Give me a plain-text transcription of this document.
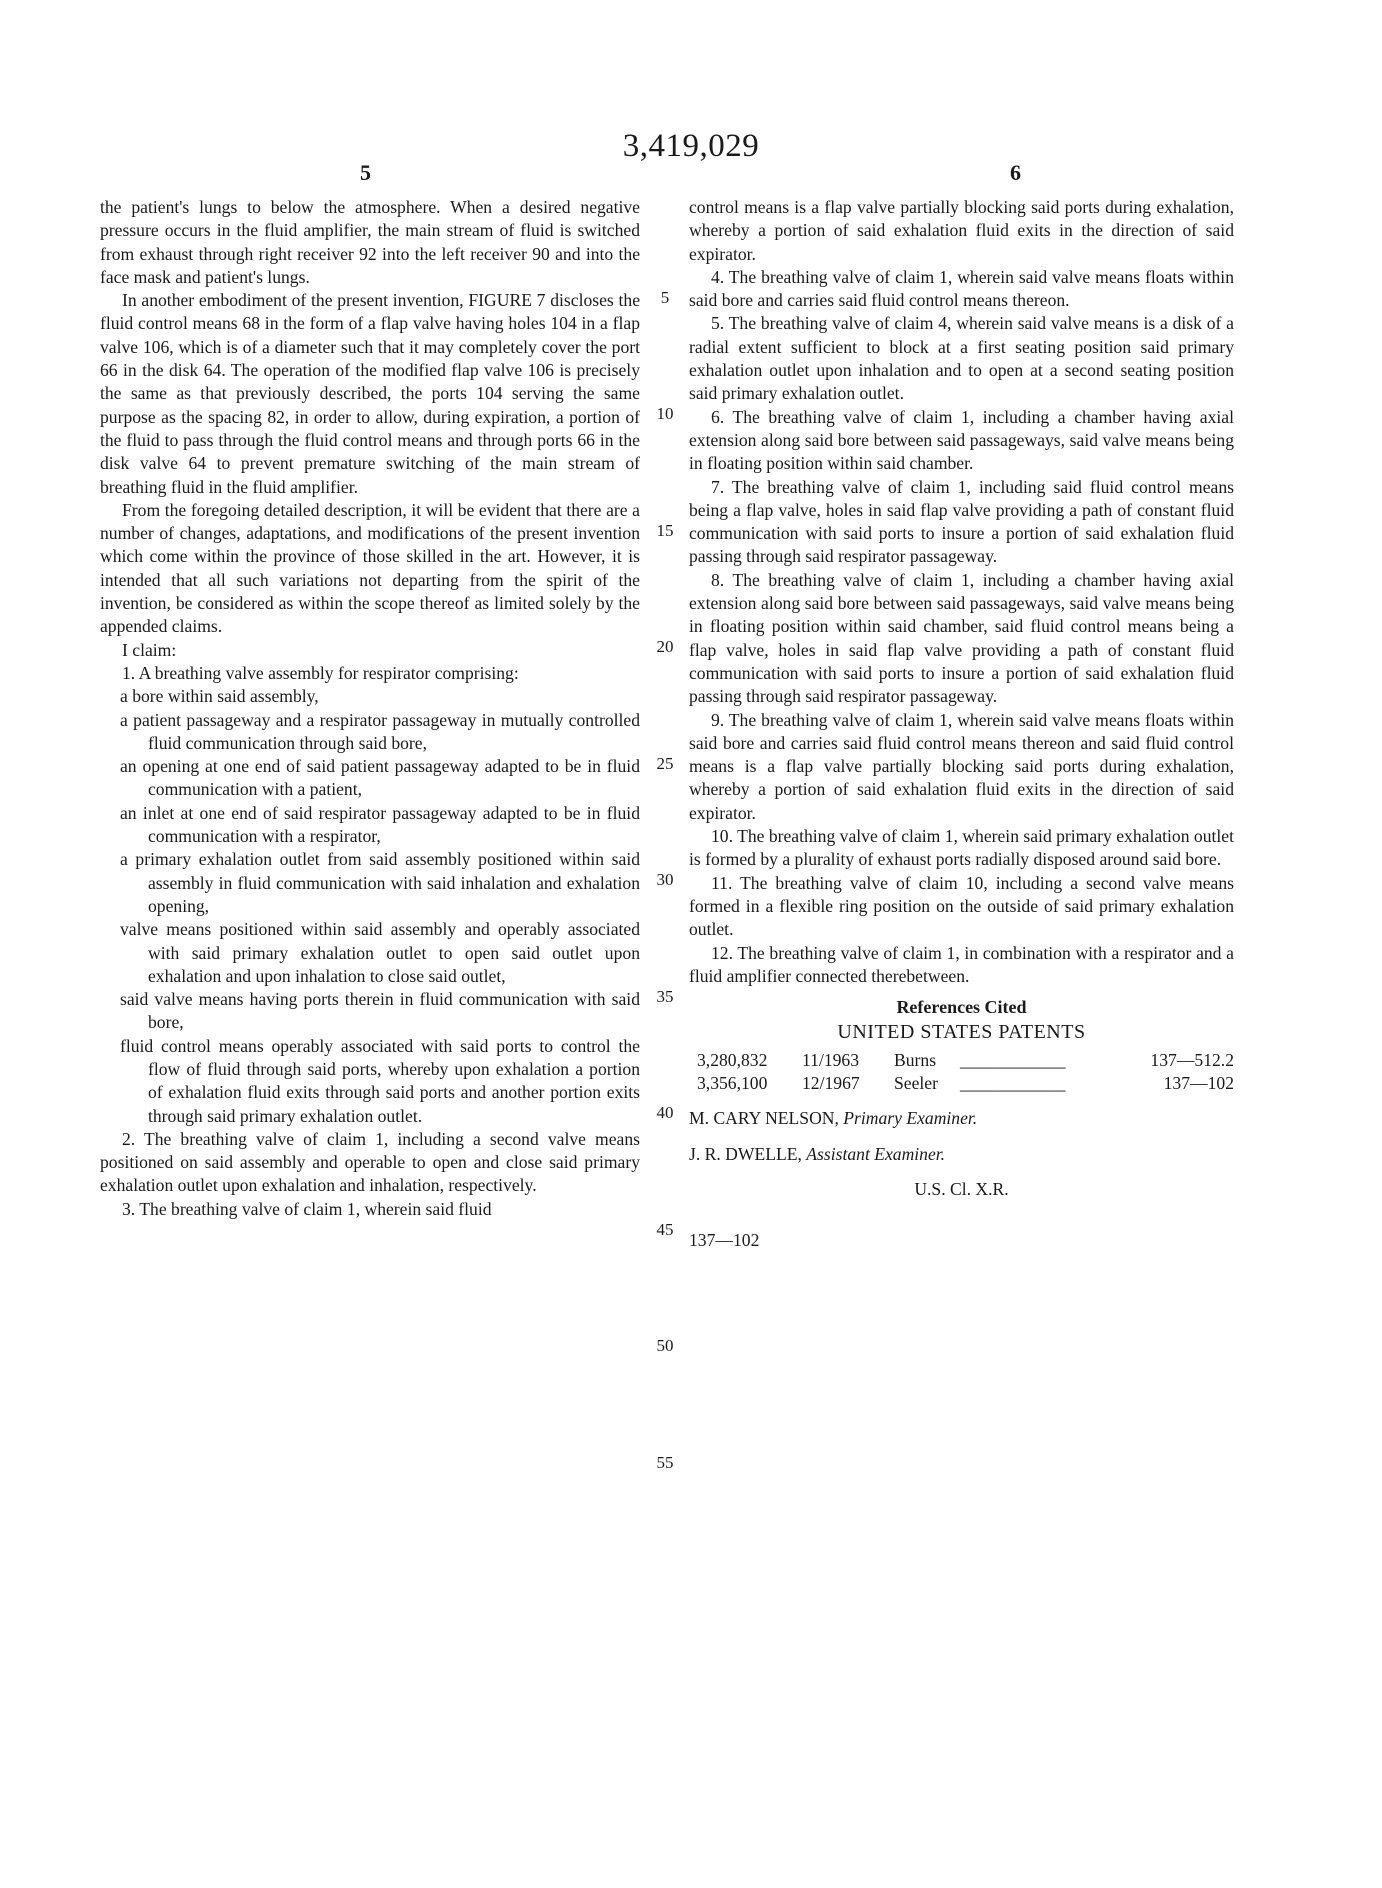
3,419,029
5	6

the patient's lungs to below the atmosphere. When a desired negative pressure occurs in the fluid amplifier, the main stream of fluid is switched from exhaust through right receiver 92 into the left receiver 90 and into the face mask and patient's lungs.

In another embodiment of the present invention, FIGURE 7 discloses the fluid control means 68 in the form of a flap valve having holes 104 in a flap valve 106, which is of a diameter such that it may completely cover the port 66 in the disk 64. The operation of the modified flap valve 106 is precisely the same as that previously described, the ports 104 serving the same purpose as the spacing 82, in order to allow, during expiration, a portion of the fluid to pass through the fluid control means and through ports 66 in the disk valve 64 to prevent premature switching of the main stream of breathing fluid in the fluid amplifier.

From the foregoing detailed description, it will be evident that there are a number of changes, adaptations, and modifications of the present invention which come within the province of those skilled in the art. However, it is intended that all such variations not departing from the spirit of the invention, be considered as within the scope thereof as limited solely by the appended claims.

I claim:

1. A breathing valve assembly for respirator comprising:

a bore within said assembly,

a patient passageway and a respirator passageway in mutually controlled fluid communication through said bore,

an opening at one end of said patient passageway adapted to be in fluid communication with a patient,

an inlet at one end of said respirator passageway adapted to be in fluid communication with a respirator,

a primary exhalation outlet from said assembly positioned within said assembly in fluid communication with said inhalation and exhalation opening,

valve means positioned within said assembly and operably associated with said primary exhalation outlet to open said outlet upon exhalation and upon inhalation to close said outlet,

said valve means having ports therein in fluid communication with said bore,

fluid control means operably associated with said ports to control the flow of fluid through said ports, whereby upon exhalation a portion of exhalation fluid exits through said ports and another portion exits through said primary exhalation outlet.

2. The breathing valve of claim 1, including a second valve means positioned on said assembly and operable to open and close said primary exhalation outlet upon exhalation and inhalation, respectively.

3. The breathing valve of claim 1, wherein said fluid

5
10
15
20
25
30
35
40
45
50
55

control means is a flap valve partially blocking said ports during exhalation, whereby a portion of said exhalation fluid exits in the direction of said expirator.

4. The breathing valve of claim 1, wherein said valve means floats within said bore and carries said fluid control means thereon.

5. The breathing valve of claim 4, wherein said valve means is a disk of a radial extent sufficient to block at a first seating position said primary exhalation outlet upon inhalation and to open at a second seating position said primary exhalation outlet.

6. The breathing valve of claim 1, including a chamber having axial extension along said bore between said passageways, said valve means being in floating position within said chamber.

7. The breathing valve of claim 1, including said fluid control means being a flap valve, holes in said flap valve providing a path of constant fluid communication with said ports to insure a portion of said exhalation fluid passing through said respirator passageway.

8. The breathing valve of claim 1, including a chamber having axial extension along said bore between said passageways, said valve means being in floating position within said chamber, said fluid control means being a flap valve, holes in said flap valve providing a path of constant fluid communication with said ports to insure a portion of said exhalation fluid passing through said respirator passageway.

9. The breathing valve of claim 1, wherein said valve means floats within said bore and carries said fluid control means thereon and said fluid control means is a flap valve partially blocking said ports during exhalation, whereby a portion of said exhalation fluid exits in the direction of said expirator.

10. The breathing valve of claim 1, wherein said primary exhalation outlet is formed by a plurality of exhaust ports radially disposed around said bore.

11. The breathing valve of claim 10, including a second valve means formed in a flexible ring position on the outside of said primary exhalation outlet.

12. The breathing valve of claim 1, in combination with a respirator and a fluid amplifier connected therebetween.

References Cited

UNITED STATES PATENTS

3,280,832	11/1963	Burns	____________	137—512.2
3,356,100	12/1967	Seeler	____________	137—102

M. CARY NELSON, Primary Examiner.

J. R. DWELLE, Assistant Examiner.

U.S. Cl. X.R.

137—102
